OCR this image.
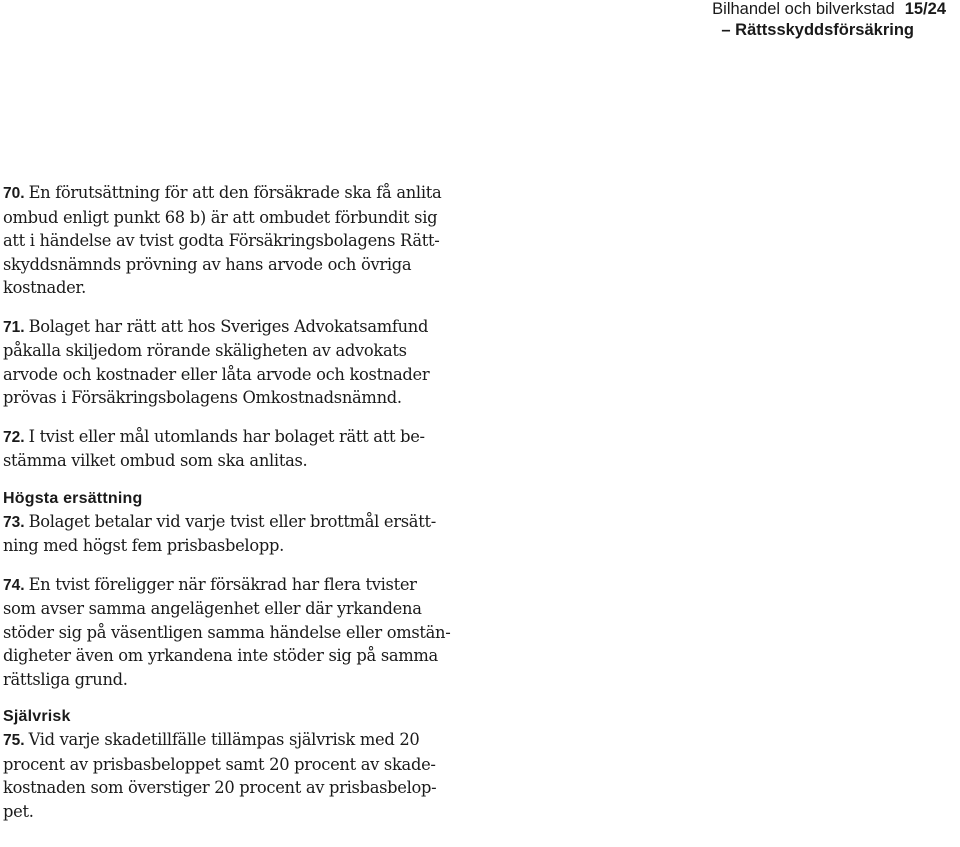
Bilhandel och bilverkstad 15/24
– Rättsskyddsförsäkring
70. En förutsättning för att den försäkrade ska få anlita
ombud enligt punkt 68 b) är att ombudet förbundit sig
att i händelse av tvist godta Försäkringsbolagens Rätt-
skyddsnämnds prövning av hans arvode och övriga
kostnader.
71. Bolaget har rätt att hos Sveriges Advokatsamfund
påkalla skiljedom rörande skäligheten av advokats
arvode och kostnader eller låta arvode och kostnader
prövas i Försäkringsbolagens Omkostnadsnämnd.
72. I tvist eller mål utomlands har bolaget rätt att be-
stämma vilket ombud som ska anlitas.
Högsta ersättning
73. Bolaget betalar vid varje tvist eller brottmål ersätt-
ning med högst fem prisbasbelopp.
74. En tvist föreligger när försäkrad har flera tvister
som avser samma angelägenhet eller där yrkandena
stöder sig på väsentligen samma händelse eller omstän-
digheter även om yrkandena inte stöder sig på samma
rättsliga grund.
Självrisk
75. Vid varje skadetillfälle tillämpas självrisk med 20
procent av prisbasbeloppet samt 20 procent av skade-
kostnaden som överstiger 20 procent av prisbasbelop-
pet.
